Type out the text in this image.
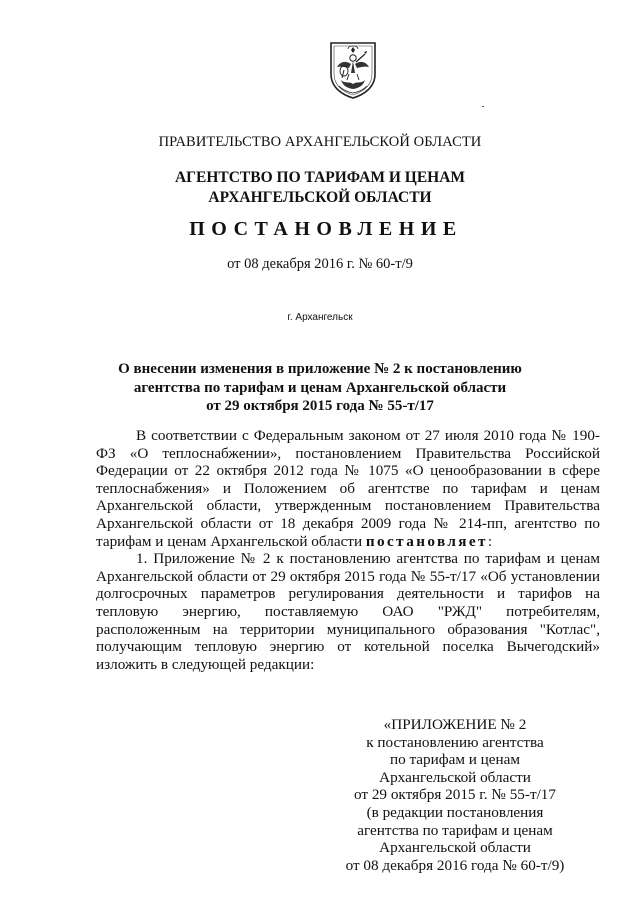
ПРАВИТЕЛЬСТВО АРХАНГЕЛЬСКОЙ ОБЛАСТИ
АГЕНТСТВО ПО ТАРИФАМ И ЦЕНАМ
АРХАНГЕЛЬСКОЙ ОБЛАСТИ
ПОСТАНОВЛЕНИЕ
от 08 декабря 2016 г. № 60-т/9
г. Архангельск
О внесении изменения в приложение № 2 к постановлению
агентства по тарифам и ценам Архангельской области
от 29 октября 2015 года № 55-т/17

В соответствии с Федеральным законом от 27 июля 2010 года № 190-ФЗ «О теплоснабжении», постановлением Правительства Российской Федерации от 22 октября 2012 года № 1075 «О ценообразовании в сфере теплоснабжения» и Положением об агентстве по тарифам и ценам Архангельской области, утвержденным постановлением Правительства Архангельской области от 18 декабря 2009 года № 214-пп, агентство по тарифам и ценам Архангельской области постановляет:

1. Приложение № 2 к постановлению агентства по тарифам и ценам Архангельской области от 29 октября 2015 года № 55-т/17 «Об установлении долгосрочных параметров регулирования деятельности и тарифов на тепловую энергию, поставляемую ОАО "РЖД" потребителям, расположенным на территории муниципального образования "Котлас", получающим тепловую энергию от котельной поселка Вычегодский» изложить в следующей редакции:

«ПРИЛОЖЕНИЕ № 2
к постановлению агентства
по тарифам и ценам
Архангельской области
от 29 октября 2015 г. № 55-т/17
(в редакции постановления
агентства по тарифам и ценам
Архангельской области
от 08 декабря 2016 года № 60-т/9)
